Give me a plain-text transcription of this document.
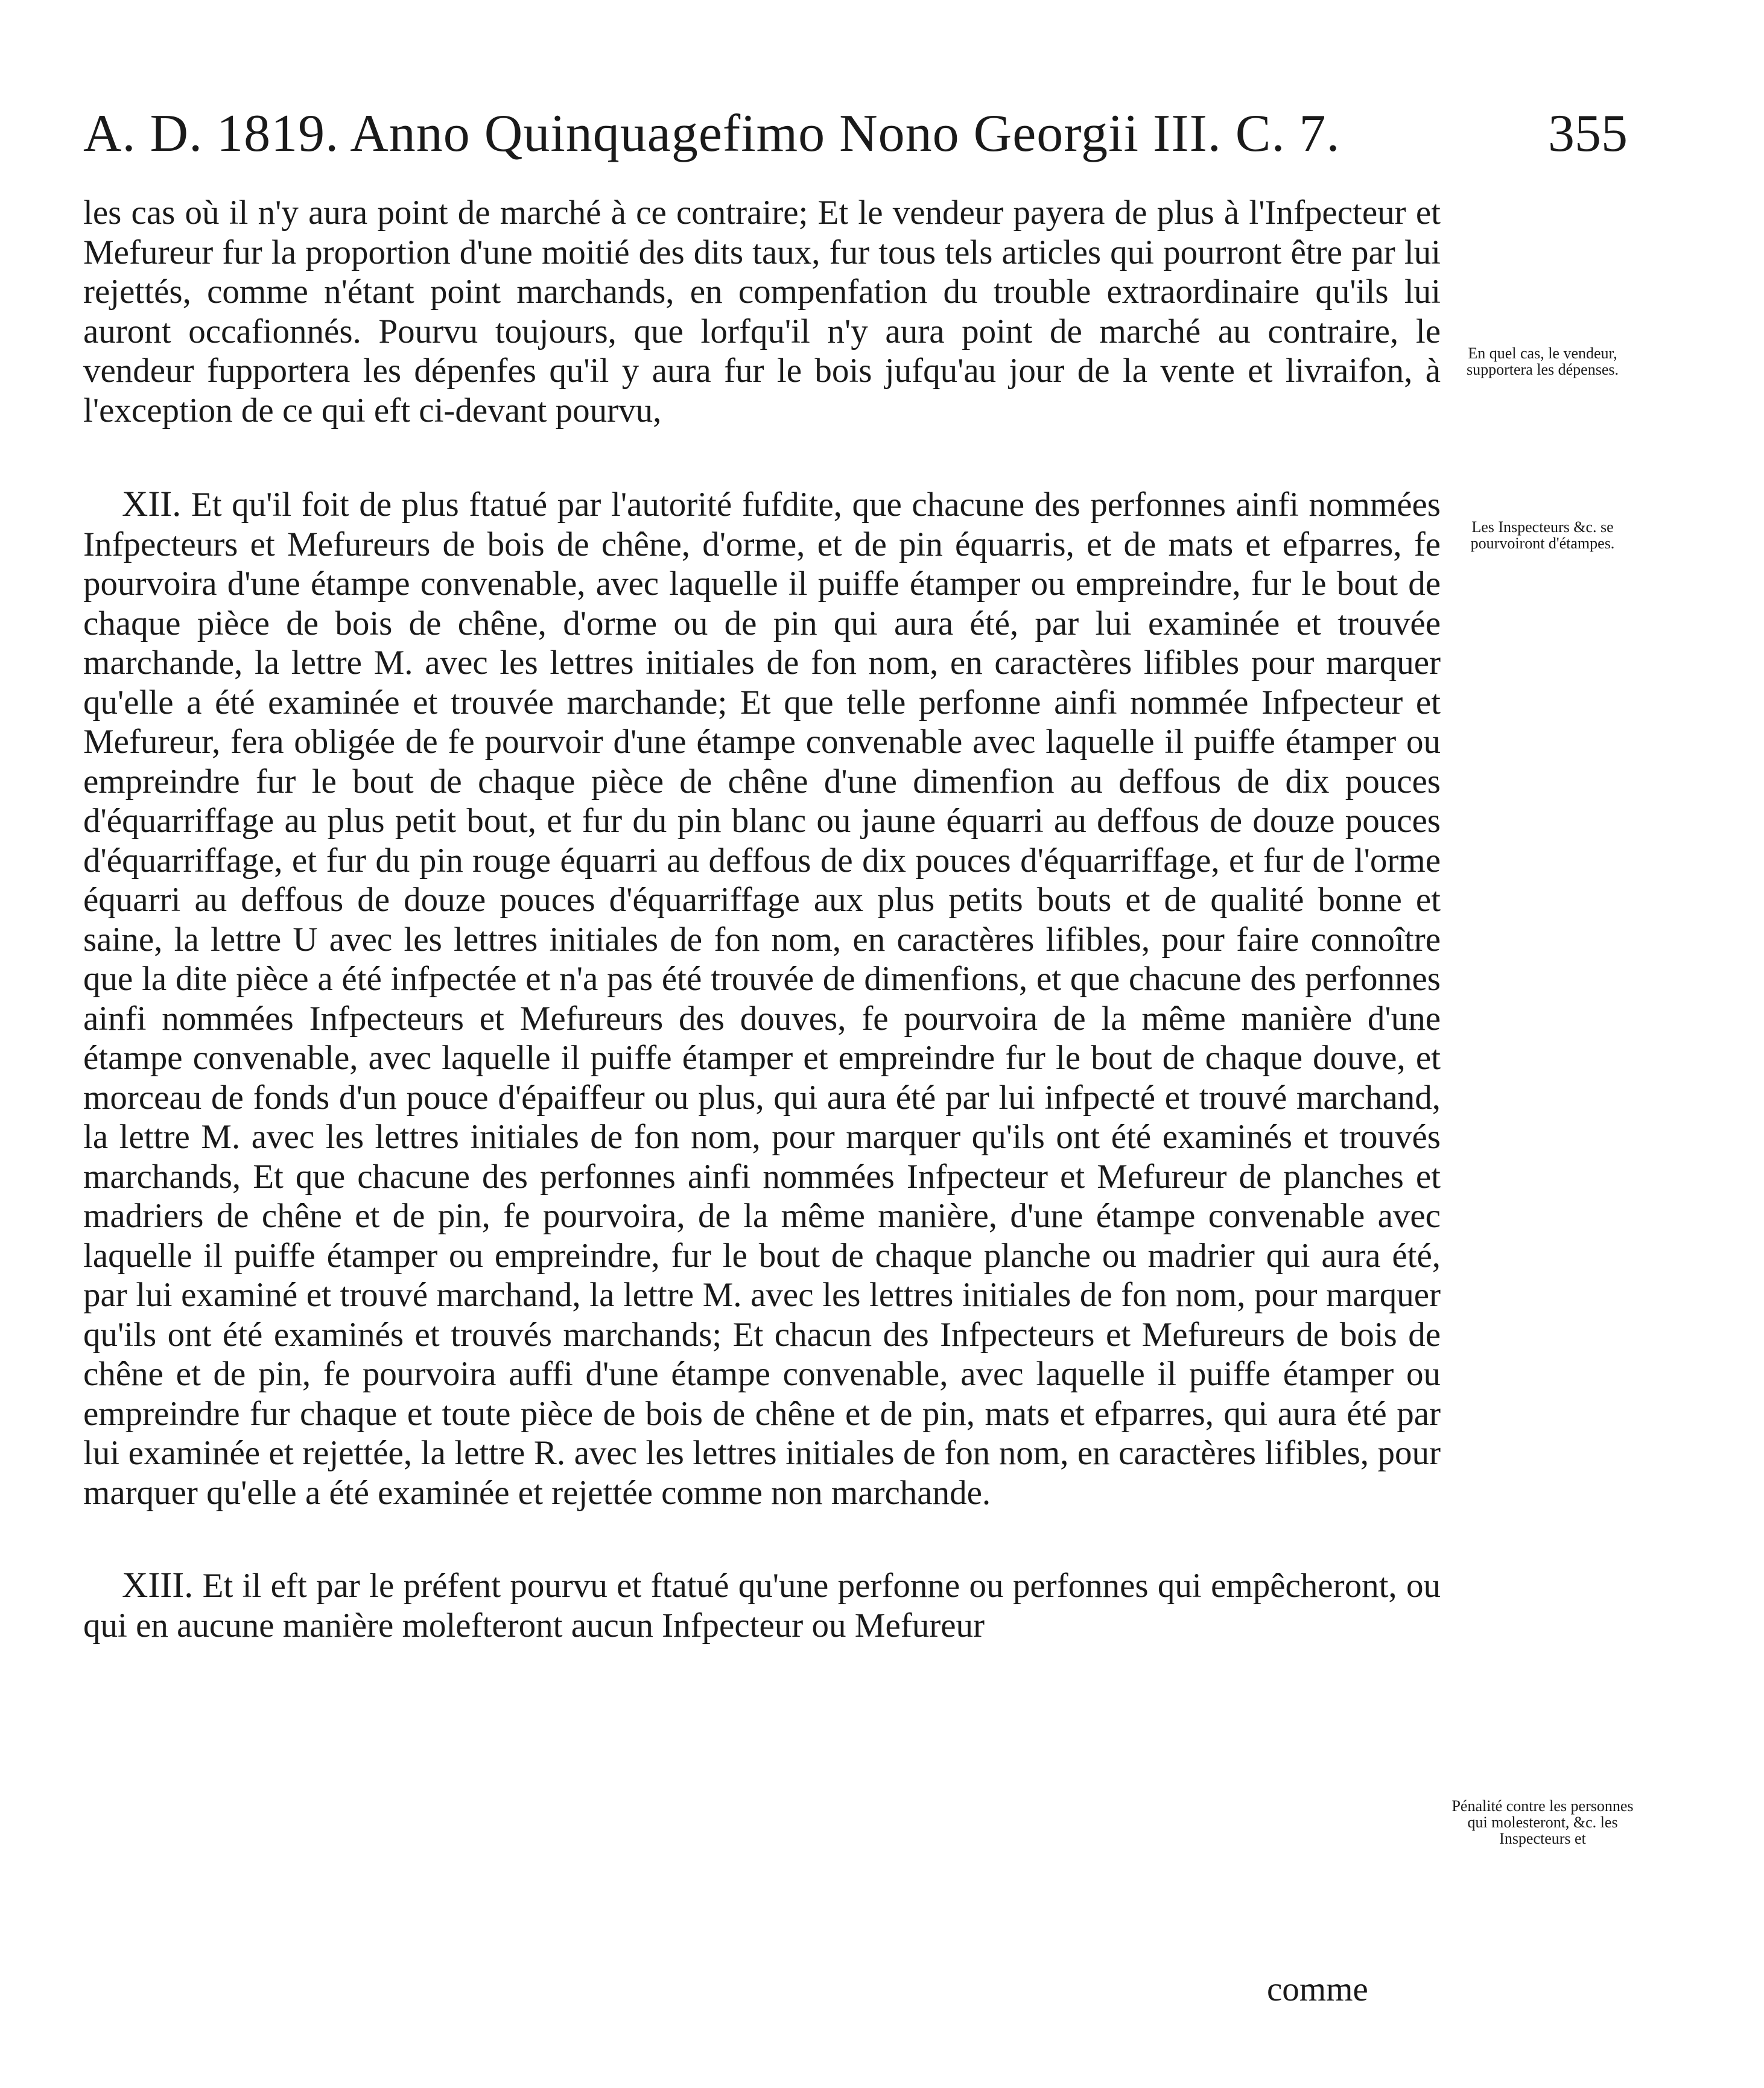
A. D. 1819. Anno Quinquagefimo Nono Georgii III. C. 7.	355

les cas où il n'y aura point de marché à ce contraire; Et le vendeur payera de plus à l'Infpecteur et Mefureur fur la proportion d'une moitié des dits taux, fur tous tels articles qui pourront être par lui rejettés, comme n'étant point marchands, en compenfation du trouble extraordinaire qu'ils lui auront occafionnés. Pourvu toujours, que lorfqu'il n'y aura point de marché au contraire, le vendeur fupportera les dépenfes qu'il y aura fur le bois jufqu'au jour de la vente et livraifon, à l'exception de ce qui eft ci-devant pourvu,

XII. Et qu'il foit de plus ftatué par l'autorité fufdite, que chacune des perfonnes ainfi nommées Infpecteurs et Mefureurs de bois de chêne, d'orme, et de pin équarris, et de mats et efparres, fe pourvoira d'une étampe convenable, avec laquelle il puiffe étamper ou empreindre, fur le bout de chaque pièce de bois de chêne, d'orme ou de pin qui aura été, par lui examinée et trouvée marchande, la lettre M. avec les lettres initiales de fon nom, en caractères lifibles pour marquer qu'elle a été examinée et trouvée marchande; Et que telle perfonne ainfi nommée Infpecteur et Mefureur, fera obligée de fe pourvoir d'une étampe convenable avec laquelle il puiffe étamper ou empreindre fur le bout de chaque pièce de chêne d'une dimenfion au deffous de dix pouces d'équarriffage au plus petit bout, et fur du pin blanc ou jaune équarri au deffous de douze pouces d'équarriffage, et fur du pin rouge équarri au deffous de dix pouces d'équarriffage, et fur de l'orme équarri au deffous de douze pouces d'équarriffage aux plus petits bouts et de qualité bonne et saine, la lettre U avec les lettres initiales de fon nom, en caractères lifibles, pour faire connoître que la dite pièce a été infpectée et n'a pas été trouvée de dimenfions, et que chacune des perfonnes ainfi nommées Infpecteurs et Mefureurs des douves, fe pourvoira de la même manière d'une étampe convenable, avec laquelle il puiffe étamper et empreindre fur le bout de chaque douve, et morceau de fonds d'un pouce d'épaiffeur ou plus, qui aura été par lui infpecté et trouvé marchand, la lettre M. avec les lettres initiales de fon nom, pour marquer qu'ils ont été examinés et trouvés marchands, Et que chacune des perfonnes ainfi nommées Infpecteur et Mefureur de planches et madriers de chêne et de pin, fe pourvoira, de la même manière, d'une étampe convenable avec laquelle il puiffe étamper ou empreindre, fur le bout de chaque planche ou madrier qui aura été, par lui examiné et trouvé marchand, la lettre M. avec les lettres initiales de fon nom, pour marquer qu'ils ont été examinés et trouvés marchands; Et chacun des Infpecteurs et Mefureurs de bois de chêne et de pin, fe pourvoira auffi d'une étampe convenable, avec laquelle il puiffe étamper ou empreindre fur chaque et toute pièce de bois de chêne et de pin, mats et efparres, qui aura été par lui examinée et rejettée, la lettre R. avec les lettres initiales de fon nom, en caractères lifibles, pour marquer qu'elle a été examinée et rejettée comme non marchande.

XIII. Et il eft par le préfent pourvu et ftatué qu'une perfonne ou perfonnes qui empêcheront, ou qui en aucune manière molefteront aucun Infpecteur ou Mefureur

comme
En quel cas, le vendeur, supportera les dépenses.
Les Inspecteurs &c. se pourvoiront d'étampes.
Pénalité contre les personnes qui molesteront, &c. les Inspecteurs et
